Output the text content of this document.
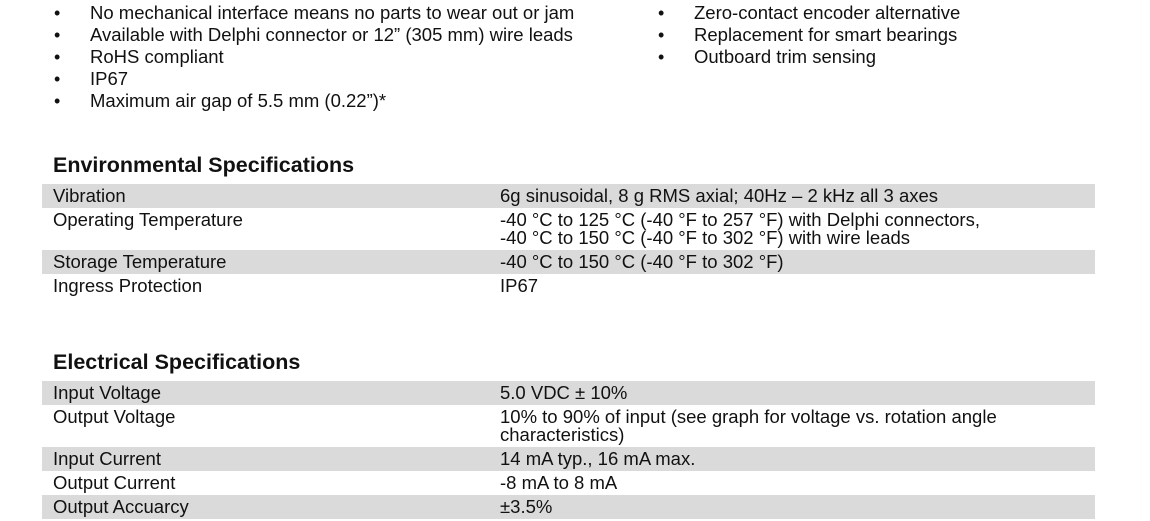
• No mechanical interface means no parts to wear out or jam
• Available with Delphi connector or 12” (305 mm) wire leads
• RoHS compliant
• IP67
• Maximum air gap of 5.5 mm (0.22”)*
• Zero-contact encoder alternative
• Replacement for smart bearings
• Outboard trim sensing
Environmental Specifications
Vibration	6g sinusoidal, 8 g RMS axial; 40Hz – 2 kHz all 3 axes
Operating Temperature	-40 °C to 125 °C (-40 °F to 257 °F) with Delphi connectors,
-40 °C to 150 °C (-40 °F to 302 °F) with wire leads

Storage Temperature	-40 °C to 150 °C (-40 °F to 302 °F)
Ingress Protection	IP67
Electrical Specifications
Input Voltage	5.0 VDC ± 10%
Output Voltage	10% to 90% of input (see graph for voltage vs. rotation angle
characteristics)

Input Current	14 mA typ., 16 mA max.
Output Current	-8 mA to 8 mA
Output Accuarcy	±3.5%
